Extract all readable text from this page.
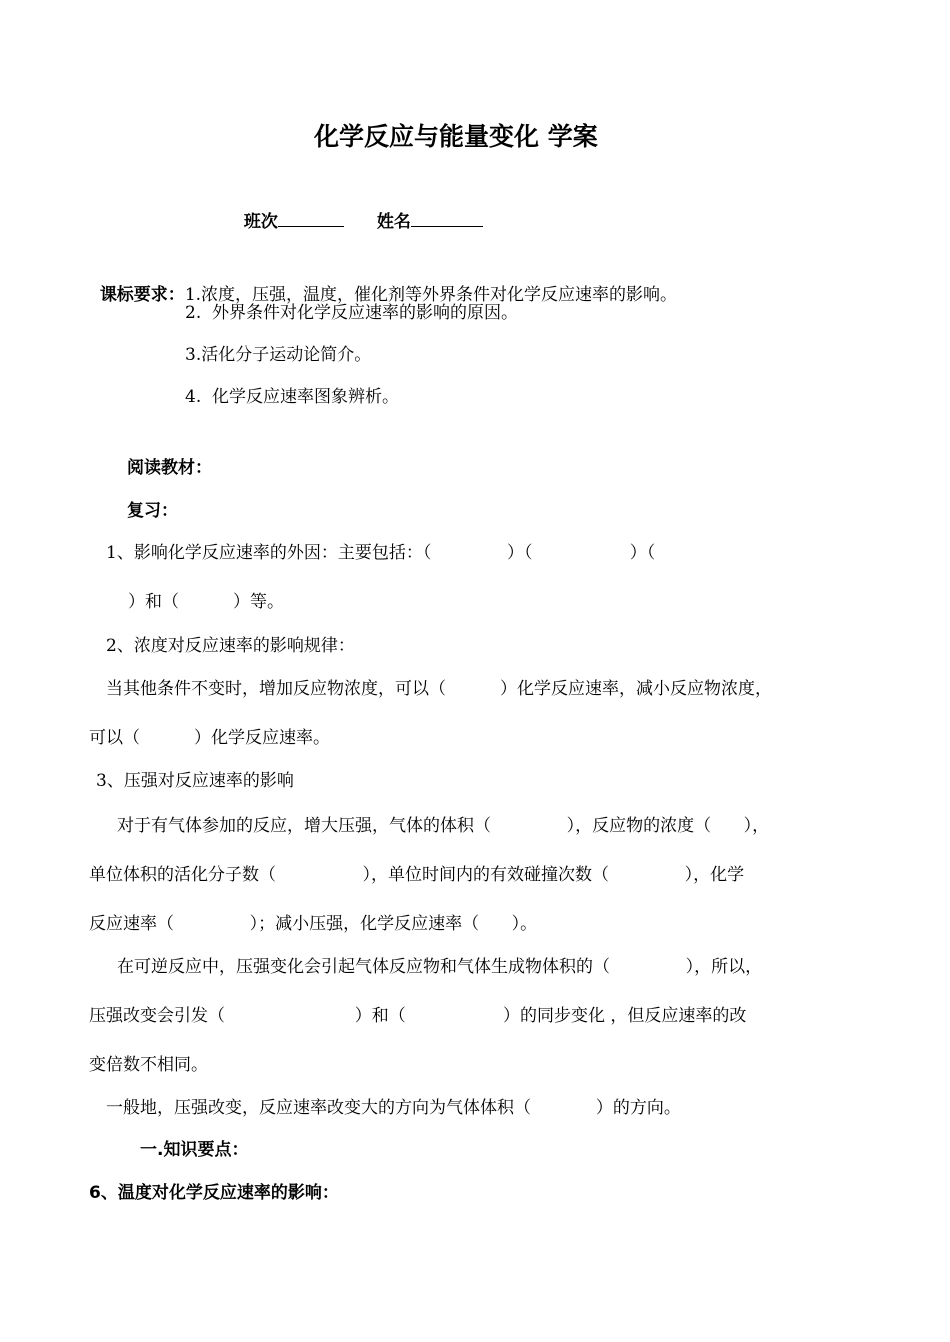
化学反应与能量变化 学案

班次	姓名

课标要求：1.浓度，压强，温度，催化剂等外界条件对化学反应速率的影响。

2.  外界条件对化学反应速率的影响的原因。
3.活化分子运动论简介。
4.  化学反应速率图象辨析。
阅读教材：
复习：
1、影响化学反应速率的外因：主要包括：（              ）（                  ）（
）和（          ）等。
2、浓度对反应速率的影响规律：
当其他条件不变时，增加反应物浓度，可以（          ）化学反应速率，减小反应物浓度，
可以（          ）化学反应速率。
3、压强对反应速率的影响
对于有气体参加的反应，增大压强，气体的体积（              ），反应物的浓度（      ），
单位体积的活化分子数（                ），单位时间内的有效碰撞次数（              ），化学
反应速率（              ）；减小压强，化学反应速率（      ）。
在可逆反应中，压强变化会引起气体反应物和气体生成物体积的（              ），所以，
压强改变会引发（                        ）和（                  ）的同步变化 ，但反应速率的改
变倍数不相同。
一般地，压强改变，反应速率改变大的方向为气体体积（            ）的方向。
一.知识要点：
6、温度对化学反应速率的影响：
